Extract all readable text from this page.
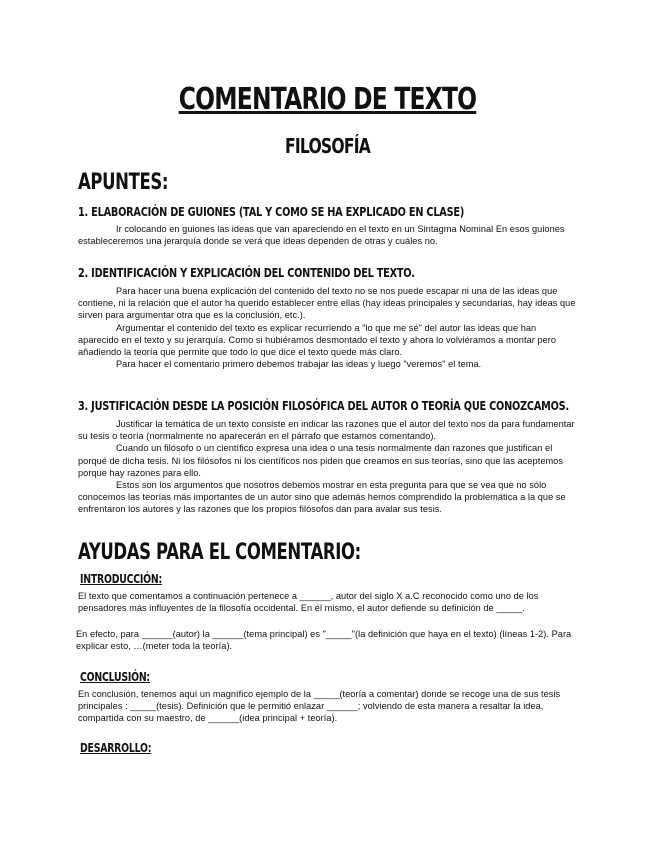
COMENTARIO DE TEXTO
FILOSOFÍA
APUNTES:
1. ELABORACIÓN DE GUIONES (TAL Y COMO SE HA EXPLICADO EN CLASE)

Ir colocando en guiones las ideas que van apareciendo en el texto en un Sintagma Nominal En esos guiones estableceremos una jerarquía donde se verá que ideas dependen de otras y cuáles no.

2. IDENTIFICACIÓN Y EXPLICACIÓN DEL CONTENIDO DEL TEXTO.

Para hacer una buena explicación del contenido del texto no se nos puede escapar ni una de las ideas que contiene, ni la relación que el autor ha querido establecer entre ellas (hay ideas principales y secundarias, hay ideas que sirven para argumentar otra que es la conclusión, etc.).

Argumentar el contenido del texto es explicar recurriendo a "lo que me sé" del autor las ideas que han aparecido en el texto y su jerarquía. Como si hubiéramos desmontado el texto y ahora lo volviéramos a montar pero añadiendo la teoría que permite que todo lo que dice el texto quede más claro.

Para hacer el comentario primero debemos trabajar las ideas y luego "veremos" el tema.

3. JUSTIFICACIÓN DESDE LA POSICIÓN FILOSÓFICA DEL AUTOR O TEORÍA QUE CONOZCAMOS.

Justificar la temática de un texto consiste en indicar las razones que el autor del texto nos da para fundamentar su tesis o teoría (normalmente no aparecerán en el párrafo que estamos comentando).

Cuando un filósofo o un científico expresa una idea o una tesis normalmente dan razones que justifican el porqué de dicha tesis. Ni los filósofos ni los científicos nos piden que creamos en sus teorías, sino que las aceptemos porque hay razones para ello.

Estos son los argumentos que nosotros debemos mostrar en esta pregunta para que se vea que no sólo conocemos las teorías más importantes de un autor sino que además hemos comprendido la problemática a la que se enfrentaron los autores y las razones que los propios filósofos dan para avalar sus tesis.

AYUDAS PARA EL COMENTARIO:
INTRODUCCIÓN:

El texto que comentamos a continuación pertenece a ______, autor del siglo X a.C reconocido como uno de los pensadores más influyentes de la filosofía occidental. En él mismo, el autor defiende su definición de _____.

En efecto, para ______(autor) la ______(tema principal) es "_____"(la definición que haya en el texto) (líneas 1-2). Para explicar esto, …(meter toda la teoría).

CONCLUSIÓN:

En conclusión, tenemos aquí un magnífico ejemplo de la _____(teoría a comentar) donde se recoge una de sus tesis principales : _____(tesis). Definición que le permitió enlazar ______; volviendo de esta manera a resaltar la idea, compartida con su maestro, de ______(idea principal + teoría).

DESARROLLO:
